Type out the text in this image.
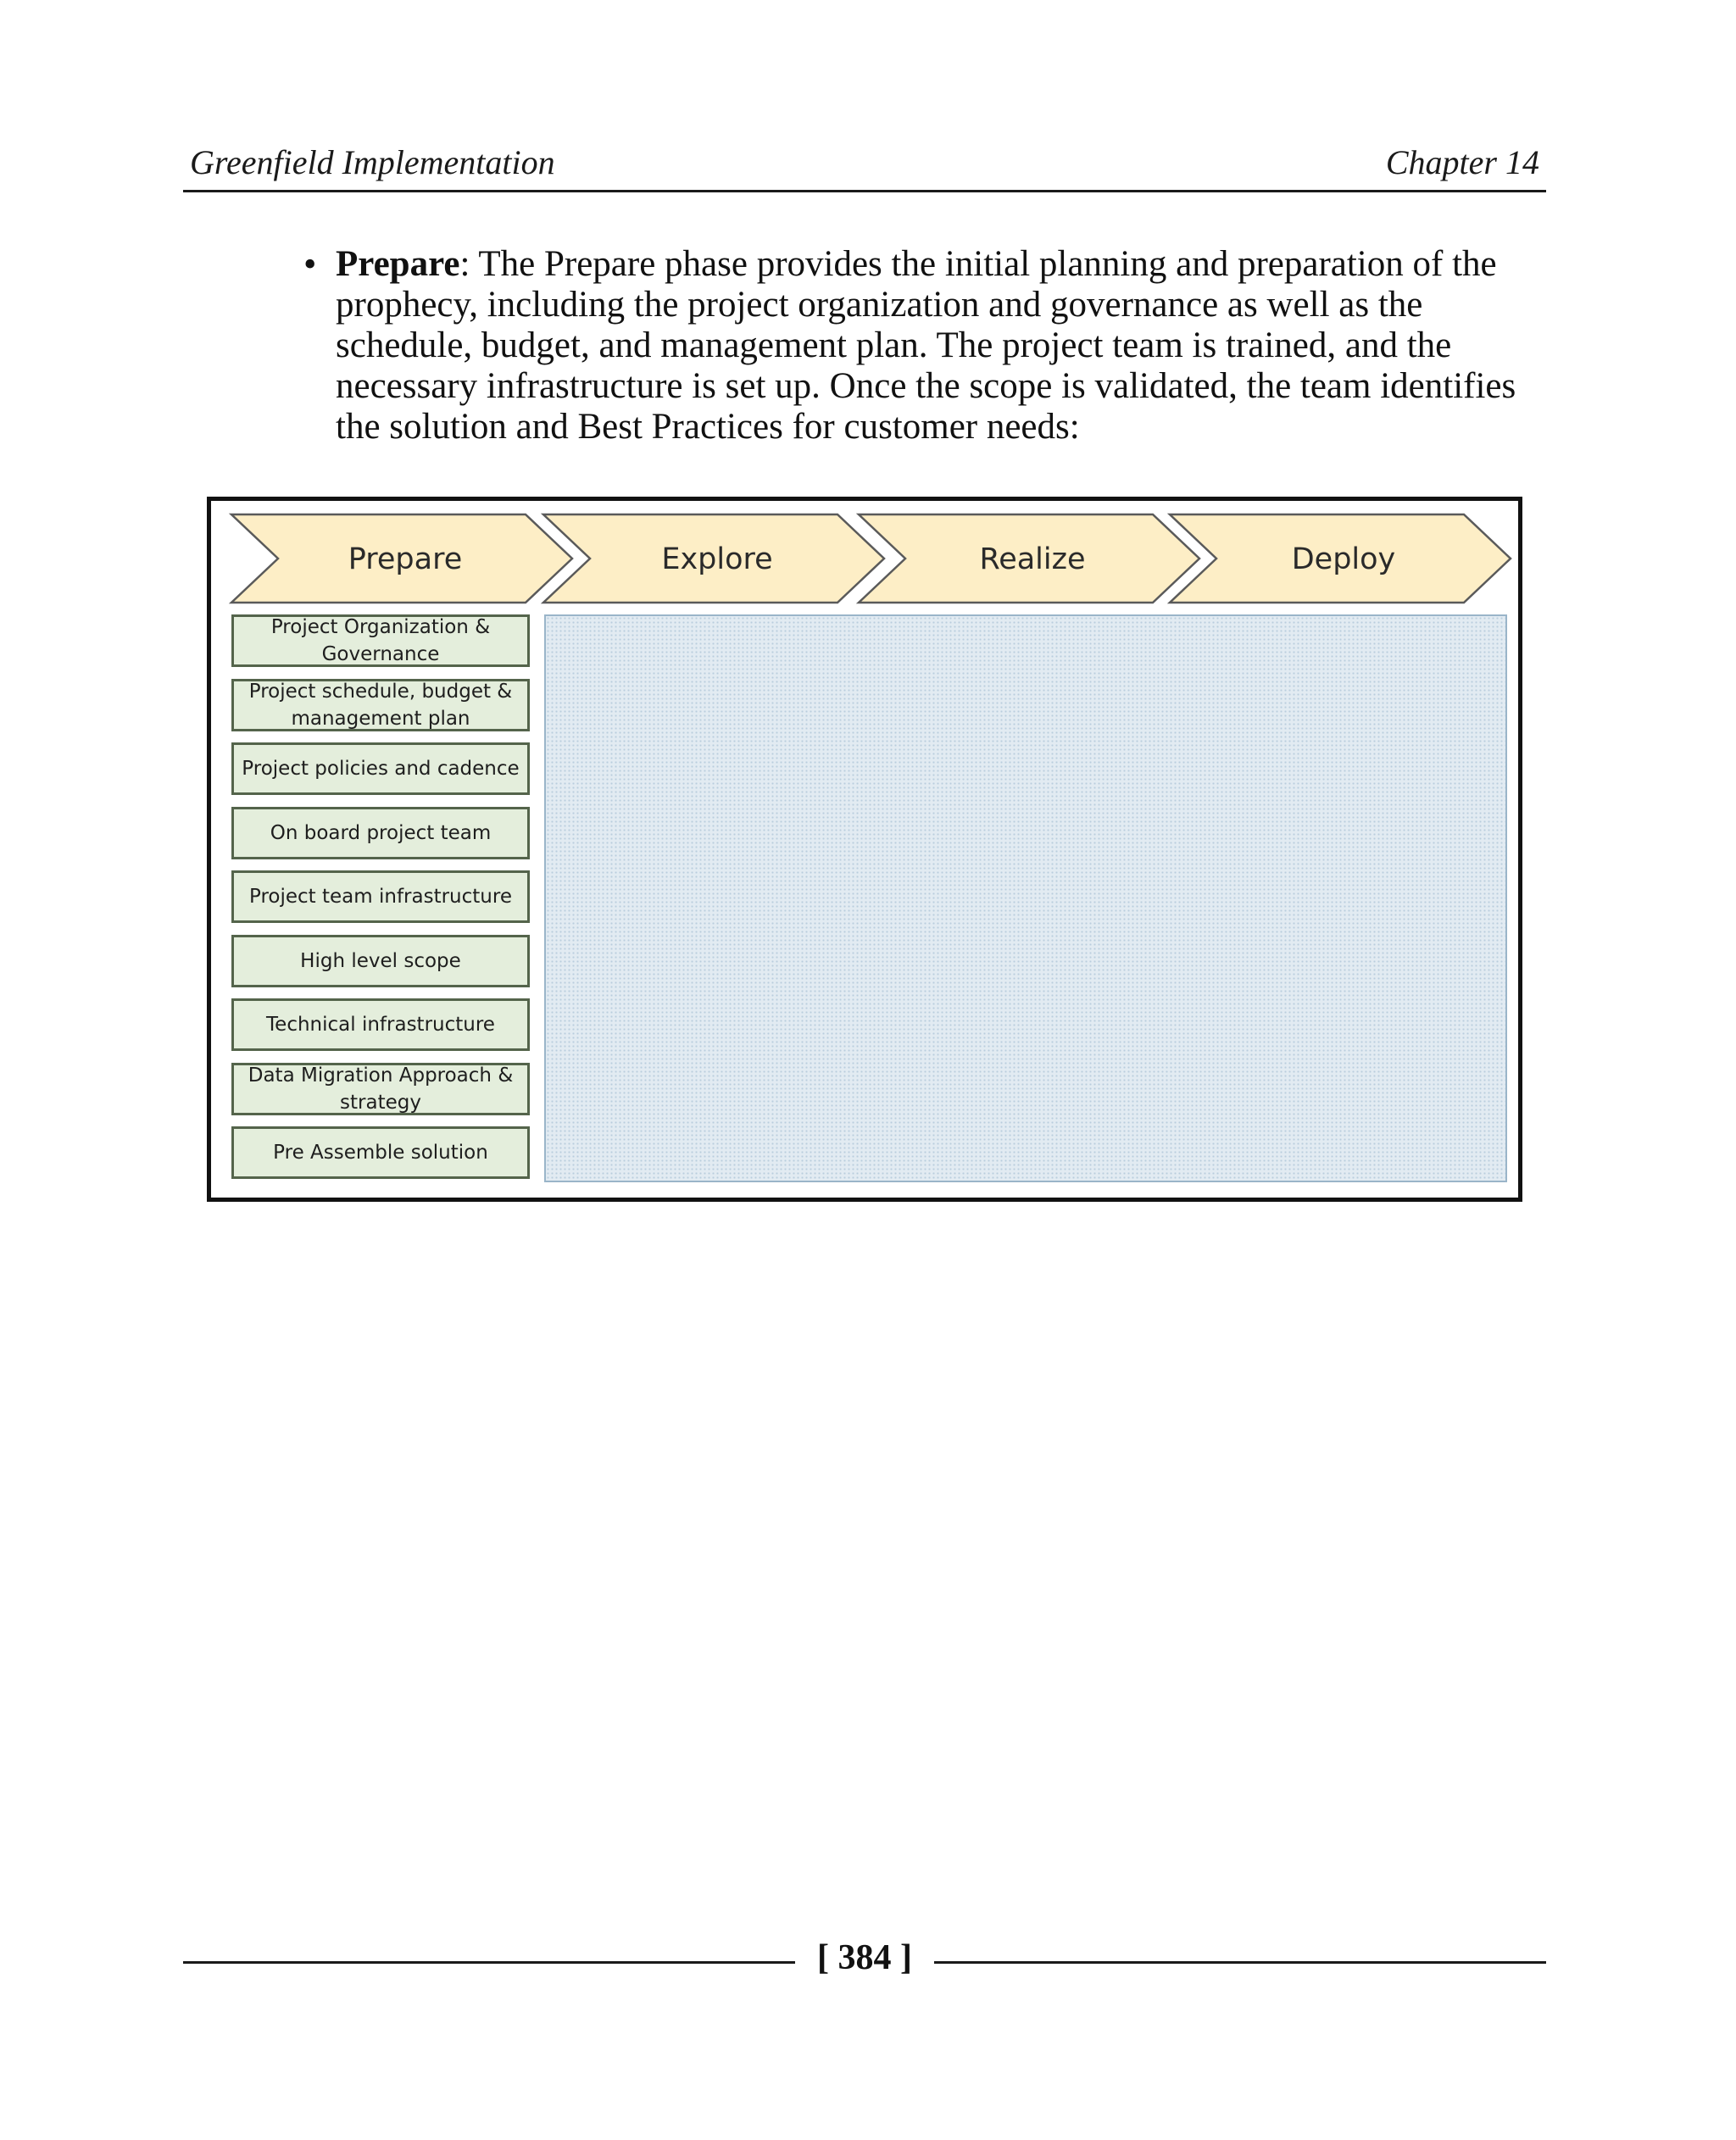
Greenfield Implementation	Chapter 14
• Prepare: The Prepare phase provides the initial planning and preparation of the prophecy, including the project organization and governance as well as the schedule, budget, and management plan. The project team is trained, and the necessary infrastructure is set up. Once the scope is validated, the team identifies the solution and Best Practices for customer needs:
Prepare	Explore	Realize	Deploy
Project Organization & Governance
Project schedule, budget & management plan
Project policies and cadence
On board project team
Project team infrastructure
High level scope
Technical infrastructure
Data Migration Approach & strategy
Pre Assemble solution
[ 384 ]
